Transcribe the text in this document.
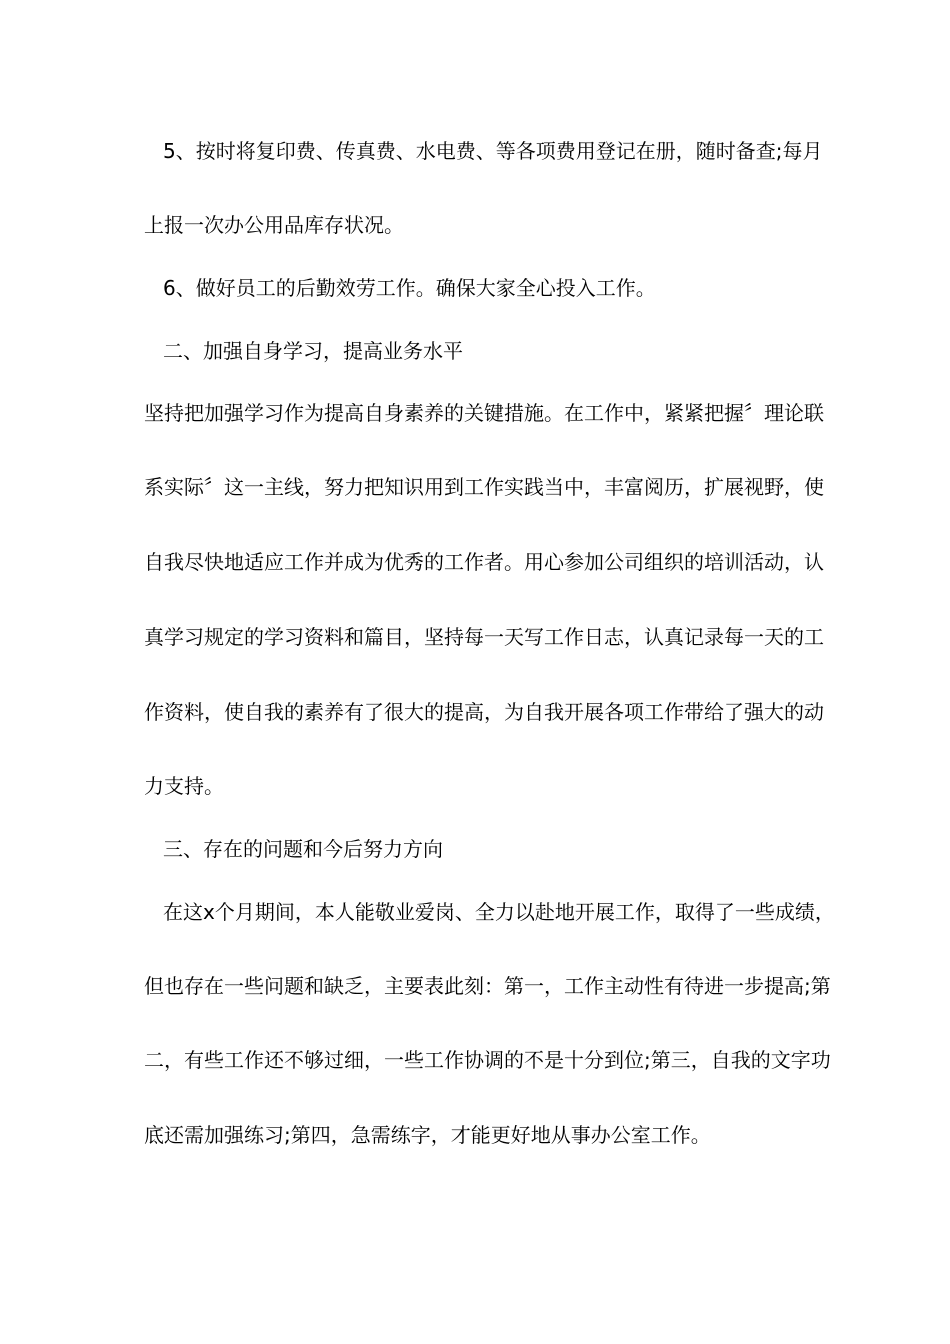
5、按时将复印费、传真费、水电费、等各项费用登记在册，随时备查;每月
上报一次办公用品库存状况。
6、做好员工的后勤效劳工作。确保大家全心投入工作。
二、加强自身学习，提高业务水平
坚持把加强学习作为提高自身素养的关键措施。在工作中，紧紧把握〞理论联
系实际〞这一主线，努力把知识用到工作实践当中，丰富阅历，扩展视野，使
自我尽快地适应工作并成为优秀的工作者。用心参加公司组织的培训活动，认
真学习规定的学习资料和篇目，坚持每一天写工作日志，认真记录每一天的工
作资料，使自我的素养有了很大的提高，为自我开展各项工作带给了强大的动
力支持。
三、存在的问题和今后努力方向
在这x个月期间，本人能敬业爱岗、全力以赴地开展工作，取得了一些成绩，
但也存在一些问题和缺乏，主要表此刻：第一，工作主动性有待进一步提高;第
二，有些工作还不够过细，一些工作协调的不是十分到位;第三，自我的文字功
底还需加强练习;第四，急需练字，才能更好地从事办公室工作。
